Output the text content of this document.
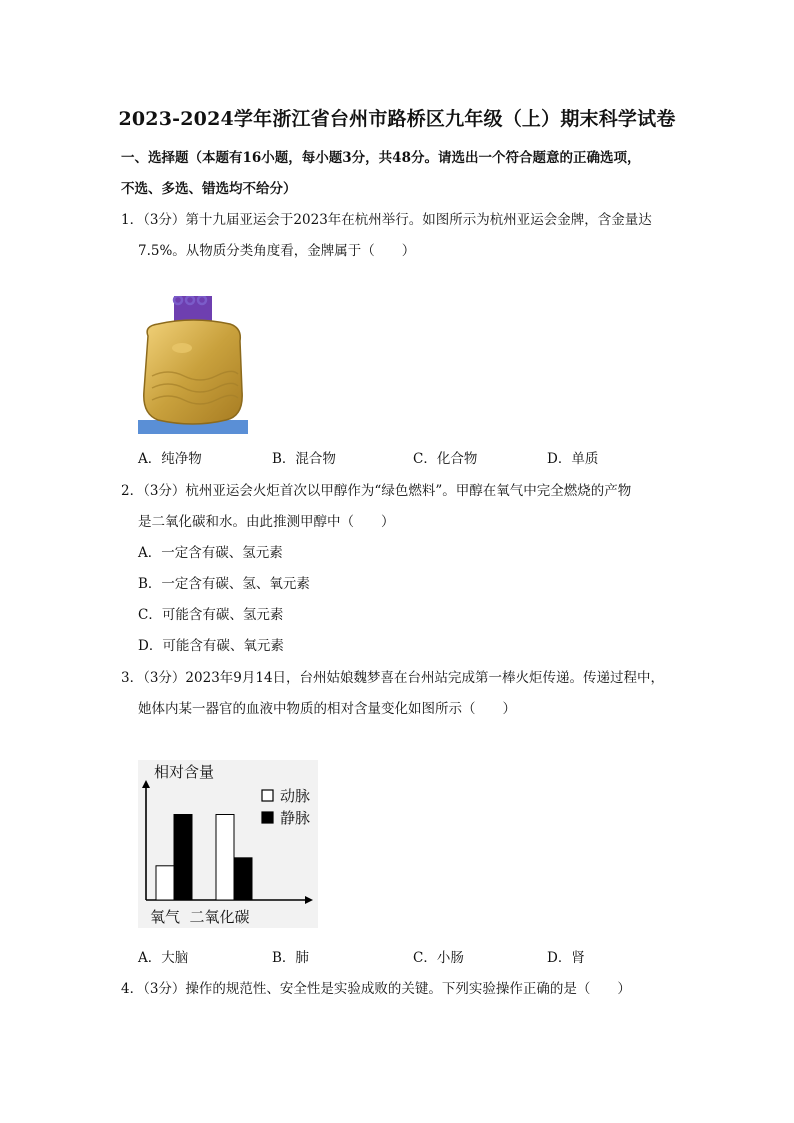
2023-2024学年浙江省台州市路桥区九年级（上）期末科学试卷
一、选择题（本题有16小题，每小题3分，共48分。请选出一个符合题意的正确选项，
不选、多选、错选均不给分）
1．（3分）第十九届亚运会于2023年在杭州举行。如图所示为杭州亚运会金牌，含金量达
7.5%。从物质分类角度看，金牌属于（　　）
A．纯净物	B．混合物	C．化合物	D．单质
2．（3分）杭州亚运会火炬首次以甲醇作为“绿色燃料”。甲醇在氧气中完全燃烧的产物
是二氧化碳和水。由此推测甲醇中（　　）
A．一定含有碳、氢元素
B．一定含有碳、氢、氧元素
C．可能含有碳、氢元素
D．可能含有碳、氧元素
3．（3分）2023年9月14日，台州姑娘魏梦喜在台州站完成第一棒火炬传递。传递过程中，
她体内某一器官的血液中物质的相对含量变化如图所示（　　）
相对含量
动脉
静脉
氧气  二氧化碳
A．大脑	B．肺	C．小肠	D．肾
4．（3分）操作的规范性、安全性是实验成败的关键。下列实验操作正确的是（　　）
